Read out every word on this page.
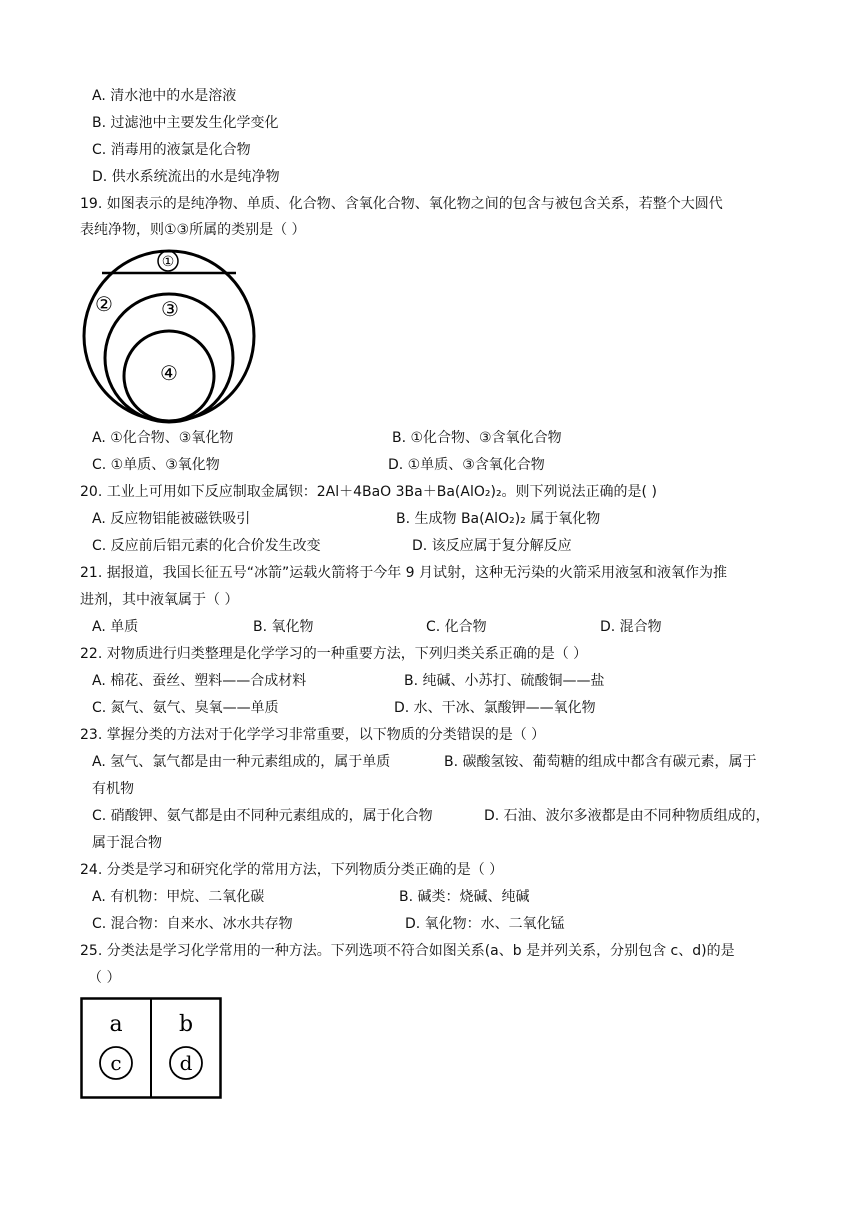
A. 清水池中的水是溶液
B. 过滤池中主要发生化学变化
C. 消毒用的液氯是化合物
D. 供水系统流出的水是纯净物
19. 如图表示的是纯净物、单质、化合物、含氧化合物、氧化物之间的包含与被包含关系，若整个大圆代
表纯净物，则①③所属的类别是（ ）
①
② ③
④
A. ①化合物、③氧化物	B. ①化合物、③含氧化合物
C. ①单质、③氧化物	D. ①单质、③含氧化合物
20. 工业上可用如下反应制取金属钡：2Al＋4BaO 3Ba＋Ba(AlO₂)₂。则下列说法正确的是( )
A. 反应物铝能被磁铁吸引	B. 生成物 Ba(AlO₂)₂ 属于氧化物
C. 反应前后铝元素的化合价发生改变	D. 该反应属于复分解反应
21. 据报道，我国长征五号“冰箭”运载火箭将于今年 9 月试射，这种无污染的火箭采用液氢和液氧作为推
进剂，其中液氧属于（ ）
A. 单质	B. 氧化物	C. 化合物	D. 混合物
22. 对物质进行归类整理是化学学习的一种重要方法，下列归类关系正确的是（ ）
A. 棉花、蚕丝、塑料——合成材料	B. 纯碱、小苏打、硫酸铜——盐
C. 氮气、氨气、臭氧——单质	D. 水、干冰、氯酸钾——氧化物
23. 掌握分类的方法对于化学学习非常重要，以下物质的分类错误的是（ ）
A. 氢气、氯气都是由一种元素组成的，属于单质	B. 碳酸氢铵、葡萄糖的组成中都含有碳元素，属于
有机物
C. 硝酸钾、氨气都是由不同种元素组成的，属于化合物	D. 石油、波尔多液都是由不同种物质组成的，
属于混合物
24. 分类是学习和研究化学的常用方法，下列物质分类正确的是（ ）
A. 有机物：甲烷、二氧化碳	B. 碱类：烧碱、纯碱
C. 混合物：自来水、冰水共存物	D. 氧化物：水、二氧化锰
25. 分类法是学习化学常用的一种方法。下列选项不符合如图关系(a、b 是并列关系，分别包含 c、d)的是
（ ）
a	b
c	d
